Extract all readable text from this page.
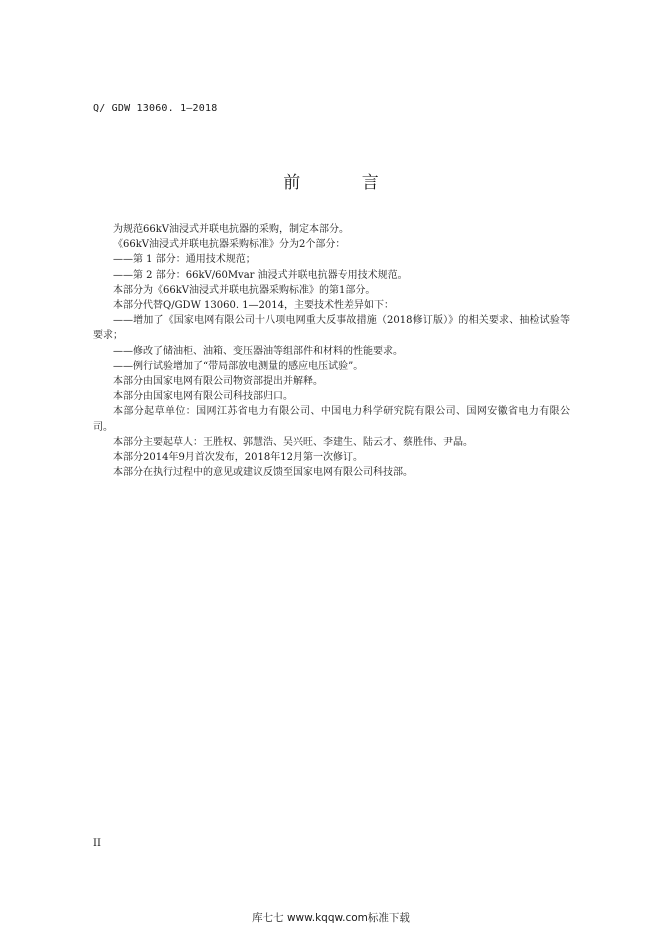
Q/ GDW 13060. 1—2018
前 言

为规范66kV油浸式并联电抗器的采购，制定本部分。

《66kV油浸式并联电抗器采购标准》分为2个部分：

——第 1 部分：通用技术规范；

——第 2 部分：66kV/60Mvar 油浸式并联电抗器专用技术规范。

本部分为《66kV油浸式并联电抗器采购标准》的第1部分。

本部分代替Q/GDW 13060. 1—2014，主要技术性差异如下：

——增加了《国家电网有限公司十八项电网重大反事故措施（2018修订版）》的相关要求、抽检试验等要求；

——修改了储油柜、油箱、变压器油等组部件和材料的性能要求。

——例行试验增加了“带局部放电测量的感应电压试验”。

本部分由国家电网有限公司物资部提出并解释。

本部分由国家电网有限公司科技部归口。

本部分起草单位：国网江苏省电力有限公司、中国电力科学研究院有限公司、国网安徽省电力有限公司。

本部分主要起草人：王胜权、郭慧浩、吴兴旺、李建生、陆云才、蔡胜伟、尹晶。

本部分2014年9月首次发布，2018年12月第一次修订。

本部分在执行过程中的意见或建议反馈至国家电网有限公司科技部。

II
库七七 www.kqqw.com标准下载
